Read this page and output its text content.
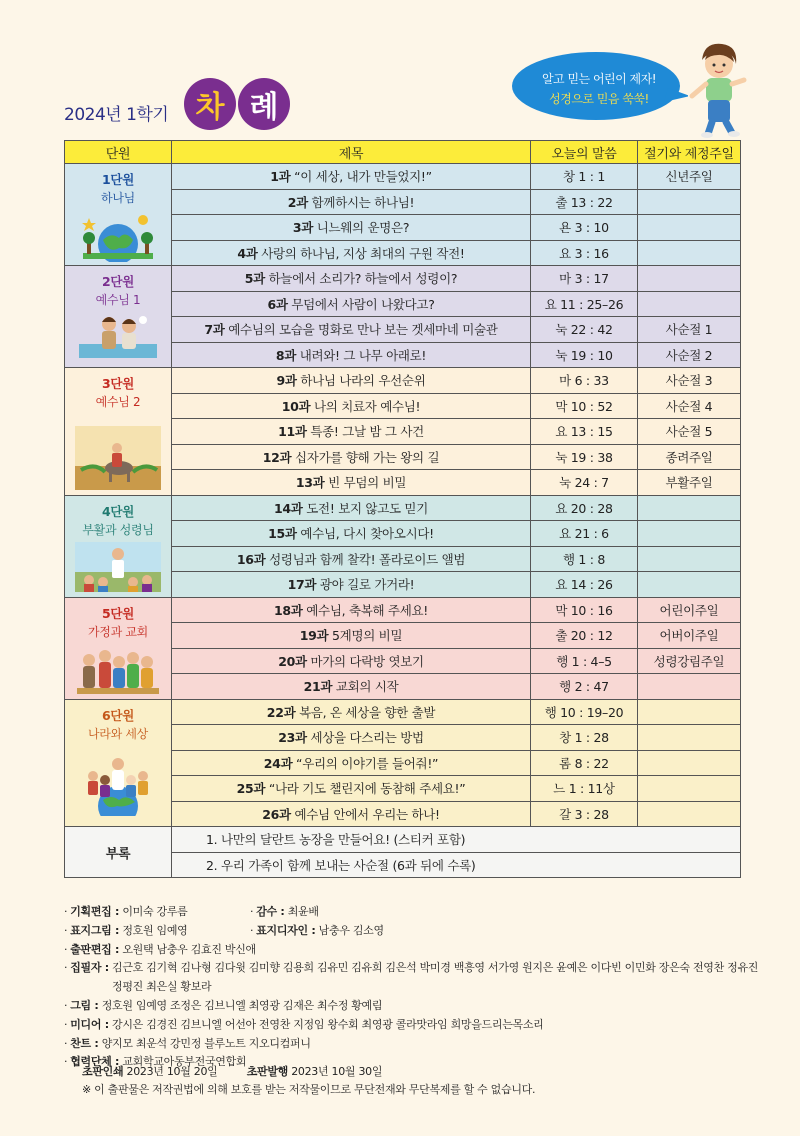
2024년 1학기 차 례
알고 믿는 어린이 제자!
성경으로 믿음 쑥쑥!
단원	제목	오늘의 말씀	절기와 제정주일

1단원
하나님	1과 “이 세상, 내가 만들었지!”	창 1 : 1	신년주일
	2과 함께하시는 하나님!	출 13 : 22	
	3과 니느웨의 운명은?	욘 3 : 10	
	4과 사랑의 하나님, 지상 최대의 구원 작전!	요 3 : 16	

2단원
예수님 1	5과 하늘에서 소리가? 하늘에서 성령이?	마 3 : 17	
	6과 무덤에서 사람이 나왔다고?	요 11 : 25–26	
	7과 예수님의 모습을 명화로 만나 보는 겟세마네 미술관	눅 22 : 42	사순절 1
	8과 내려와! 그 나무 아래로!	눅 19 : 10	사순절 2

3단원
예수님 2	9과 하나님 나라의 우선순위	마 6 : 33	사순절 3
	10과 나의 치료자 예수님!	막 10 : 52	사순절 4
	11과 특종! 그날 밤 그 사건	요 13 : 15	사순절 5
	12과 십자가를 향해 가는 왕의 길	눅 19 : 38	종려주일
	13과 빈 무덤의 비밀	눅 24 : 7	부활주일

4단원
부활과 성령님	14과 도전! 보지 않고도 믿기	요 20 : 28	
	15과 예수님, 다시 찾아오시다!	요 21 : 6	
	16과 성령님과 함께 찰칵! 폴라로이드 앨범	행 1 : 8	
	17과 광야 길로 가거라!	요 14 : 26	

5단원
가정과 교회	18과 예수님, 축복해 주세요!	막 10 : 16	어린이주일
	19과 5계명의 비밀	출 20 : 12	어버이주일
	20과 마가의 다락방 엿보기	행 1 : 4–5	성령강림주일
	21과 교회의 시작	행 2 : 47	

6단원
나라와 세상	22과 복음, 온 세상을 향한 출발	행 10 : 19–20	
	23과 세상을 다스리는 방법	창 1 : 28	
	24과 “우리의 이야기를 들어줘!”	롬 8 : 22	
	25과 “나라 기도 챌린지에 동참해 주세요!”	느 1 : 11상	
	26과 예수님 안에서 우리는 하나!	갈 3 : 28	
부록	1. 나만의 달란트 농장을 만들어요! (스티커 포함)		
	2. 우리 가족이 함께 보내는 사순절 (6과 뒤에 수록)		
· 기획편집 :
이미숙 강루름	· 감수 : 최윤배
· 표지그림 :
정호원 임예영	· 표지디자인 : 남충우 김소영
· 출판편집 :
오원택 남충우 김효진 박신애
· 집필자 :
김근호 김기혁 김나형 김다윗 김미향 김용희 김유민 김유희 김은석 박미경 백흥영 서가영 원지은 윤예은 이다빈 이민화 장은숙 전영찬 정유진 정평진 최은실 황보라
· 그림 :
정호원 임예영 조정은 김브니엘 최영광 김재은 최수정 황예림
· 미디어 :
강시은 김경진 김브니엘 어선아 전영찬 지정임 왕수회 최영광 콜라맛라임 희망을드리는목소리
· 찬트 :
양지모 최운석 강민정 블루노트 지오디컴퍼니
· 협력단체 :
교회학교아동부전국연합회
초판인쇄 2023년 10월 20일	초판발행 2023년 10월 30일
※ 이 출판물은 저작권법에 의해 보호를 받는 저작물이므로 무단전재와 무단복제를 할 수 없습니다.
